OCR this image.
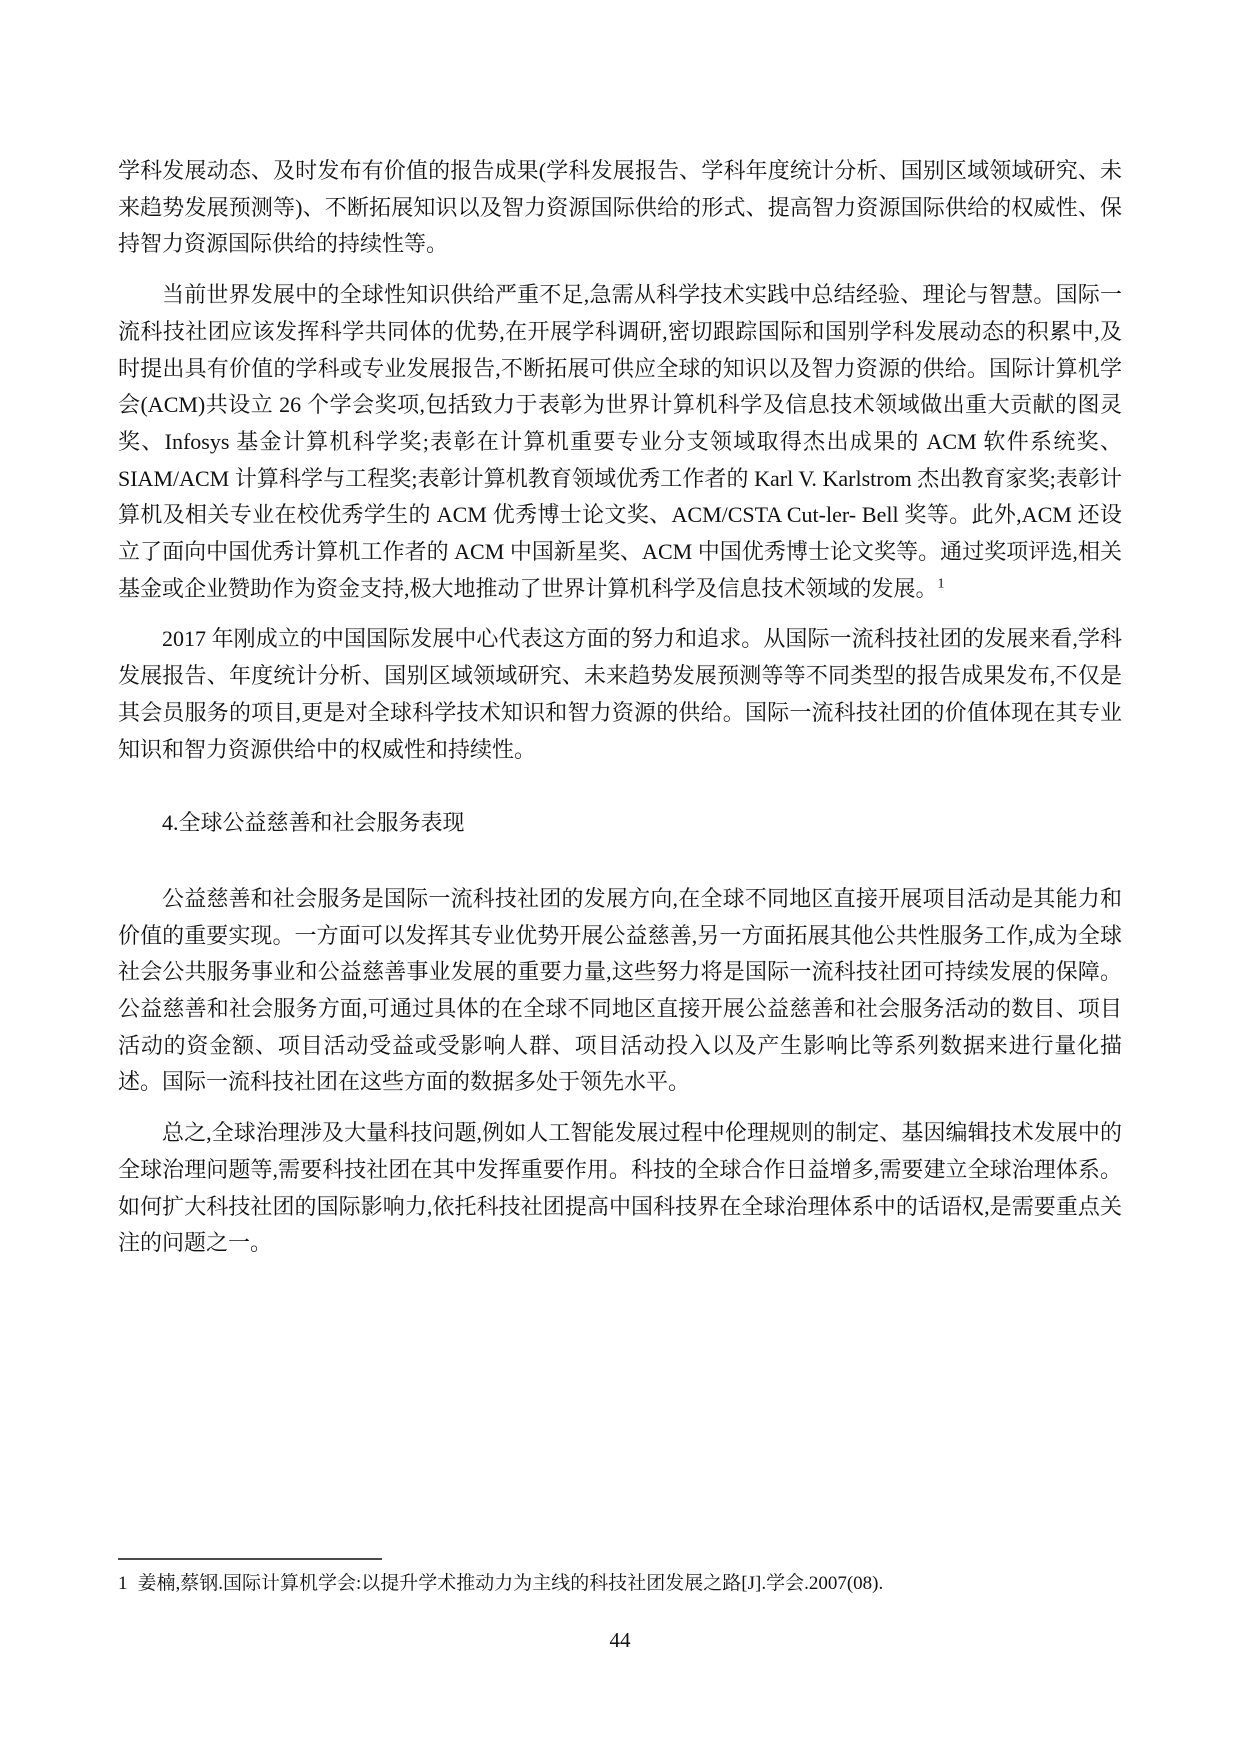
学科发展动态、及时发布有价值的报告成果(学科发展报告、学科年度统计分析、国别区域领域研究、未来趋势发展预测等)、不断拓展知识以及智力资源国际供给的形式、提高智力资源国际供给的权威性、保持智力资源国际供给的持续性等。

当前世界发展中的全球性知识供给严重不足,急需从科学技术实践中总结经验、理论与智慧。国际一流科技社团应该发挥科学共同体的优势,在开展学科调研,密切跟踪国际和国别学科发展动态的积累中,及时提出具有价值的学科或专业发展报告,不断拓展可供应全球的知识以及智力资源的供给。国际计算机学会(ACM)共设立 26 个学会奖项,包括致力于表彰为世界计算机科学及信息技术领域做出重大贡献的图灵奖、Infosys 基金计算机科学奖;表彰在计算机重要专业分支领域取得杰出成果的 ACM 软件系统奖、SIAM/ACM 计算科学与工程奖;表彰计算机教育领域优秀工作者的 Karl V. Karlstrom 杰出教育家奖;表彰计算机及相关专业在校优秀学生的 ACM 优秀博士论文奖、ACM/CSTA Cut-ler- Bell 奖等。此外,ACM 还设立了面向中国优秀计算机工作者的 ACM 中国新星奖、ACM 中国优秀博士论文奖等。通过奖项评选,相关基金或企业赞助作为资金支持,极大地推动了世界计算机科学及信息技术领域的发展。$^1$

2017 年刚成立的中国国际发展中心代表这方面的努力和追求。从国际一流科技社团的发展来看,学科发展报告、年度统计分析、国别区域领域研究、未来趋势发展预测等等不同类型的报告成果发布,不仅是其会员服务的项目,更是对全球科学技术知识和智力资源的供给。国际一流科技社团的价值体现在其专业知识和智力资源供给中的权威性和持续性。

4.全球公益慈善和社会服务表现

公益慈善和社会服务是国际一流科技社团的发展方向,在全球不同地区直接开展项目活动是其能力和价值的重要实现。一方面可以发挥其专业优势开展公益慈善,另一方面拓展其他公共性服务工作,成为全球社会公共服务事业和公益慈善事业发展的重要力量,这些努力将是国际一流科技社团可持续发展的保障。公益慈善和社会服务方面,可通过具体的在全球不同地区直接开展公益慈善和社会服务活动的数目、项目活动的资金额、项目活动受益或受影响人群、项目活动投入以及产生影响比等系列数据来进行量化描述。国际一流科技社团在这些方面的数据多处于领先水平。

总之,全球治理涉及大量科技问题,例如人工智能发展过程中伦理规则的制定、基因编辑技术发展中的全球治理问题等,需要科技社团在其中发挥重要作用。科技的全球合作日益增多,需要建立全球治理体系。如何扩大科技社团的国际影响力,依托科技社团提高中国科技界在全球治理体系中的话语权,是需要重点关注的问题之一。

1 姜楠,蔡钢.国际计算机学会:以提升学术推动力为主线的科技社团发展之路[J].学会.2007(08).

44
